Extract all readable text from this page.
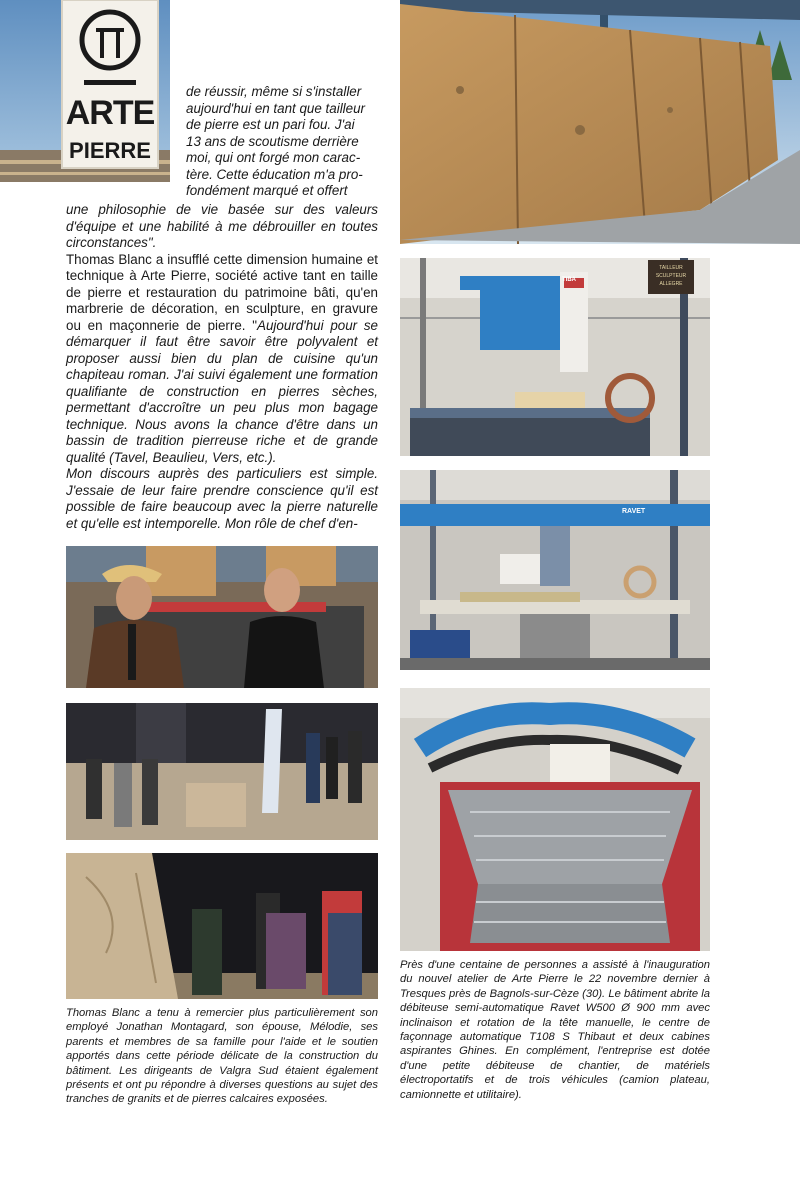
ARTE
PIERRE
de réussir, même si s'installer
aujourd'hui en tant que tailleur
de pierre est un pari fou. J'ai
13 ans de scoutisme derrière
moi, qui ont forgé mon carac-
tère. Cette éducation m'a pro-
fondément marqué et offert

une philosophie de vie basée sur des valeurs d'équipe et une habilité à me débrouiller en toutes circonstances".

Thomas Blanc a insufflé cette dimension humaine et technique à Arte Pierre, société active tant en taille de pierre et restauration du patrimoine bâti, qu'en marbrerie de décoration, en sculpture, en gravure ou en maçonnerie de pierre. "Aujourd'hui pour se démarquer il faut être savoir être polyvalent et proposer aussi bien du plan de cuisine qu'un chapiteau roman. J'ai suivi également une formation qualifiante de construction en pierres sèches, permettant d'accroître un peu plus mon bagage technique. Nous avons la chance d'être dans un bassin de tradition pierreuse riche et de grande qualité (Tavel, Beaulieu, Vers, etc.).

Mon discours auprès des particuliers est simple. J'essaie de leur faire prendre conscience qu'il est possible de faire beaucoup avec la pierre naturelle et qu'elle est intemporelle. Mon rôle de chef d'en-

TAILLEUR SCULPTEUR ALLEGRE
TIBA
RAVET
Thomas Blanc a tenu à remercier plus particulièrement son employé Jonathan Montagard, son épouse, Mélodie, ses parents et membres de sa famille pour l'aide et le soutien apportés dans cette période délicate de la construction du bâtiment. Les dirigeants de Valgra Sud étaient également présents et ont pu répondre à diverses questions au sujet des tranches de granits et de pierres calcaires exposées.
Près d'une centaine de personnes a assisté à l'inauguration du nouvel atelier de Arte Pierre le 22 novembre dernier à Tresques près de Bagnols-sur-Cèze (30). Le bâtiment abrite la débiteuse semi-automatique Ravet W500 Ø 900 mm avec inclinaison et rotation de la tête manuelle, le centre de façonnage automatique T108 S Thibaut et deux cabines aspirantes Ghines. En complément, l'entreprise est dotée d'une petite débiteuse de chantier, de matériels électroportatifs et de trois véhicules (camion plateau, camionnette et utilitaire).
